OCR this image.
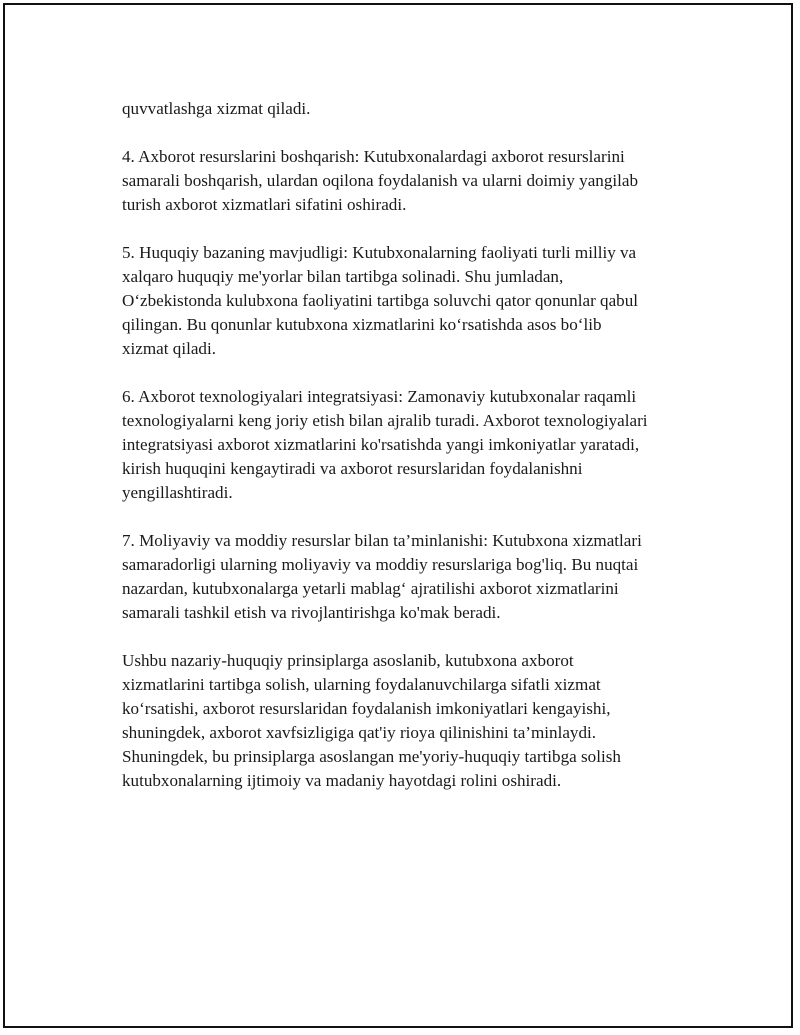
quvvatlashga xizmat qiladi.

4. Axborot resurslarini boshqarish: Kutubxonalardagi axborot resurslarini
samarali boshqarish, ulardan oqilona foydalanish va ularni doimiy yangilab
turish axborot xizmatlari sifatini oshiradi.

5. Huquqiy bazaning mavjudligi: Kutubxonalarning faoliyati turli milliy va
xalqaro huquqiy me'yorlar bilan tartibga solinadi. Shu jumladan,
O‘zbekistonda kulubxona faoliyatini tartibga soluvchi qator qonunlar qabul
qilingan. Bu qonunlar kutubxona xizmatlarini ko‘rsatishda asos bo‘lib
xizmat qiladi.

6. Axborot texnologiyalari integratsiyasi: Zamonaviy kutubxonalar raqamli
texnologiyalarni keng joriy etish bilan ajralib turadi. Axborot texnologiyalari
integratsiyasi axborot xizmatlarini ko'rsatishda yangi imkoniyatlar yaratadi,
kirish huquqini kengaytiradi va axborot resurslaridan foydalanishni
yengillashtiradi.

7. Moliyaviy va moddiy resurslar bilan ta’minlanishi: Kutubxona xizmatlari
samaradorligi ularning moliyaviy va moddiy resurslariga bog'liq. Bu nuqtai
nazardan, kutubxonalarga yetarli mablag‘ ajratilishi axborot xizmatlarini
samarali tashkil etish va rivojlantirishga ko'mak beradi.

Ushbu nazariy-huquqiy prinsiplarga asoslanib, kutubxona axborot
xizmatlarini tartibga solish, ularning foydalanuvchilarga sifatli xizmat
ko‘rsatishi, axborot resurslaridan foydalanish imkoniyatlari kengayishi,
shuningdek, axborot xavfsizligiga qat'iy rioya qilinishini ta’minlaydi.
Shuningdek, bu prinsiplarga asoslangan me'yoriy-huquqiy tartibga solish
kutubxonalarning ijtimoiy va madaniy hayotdagi rolini oshiradi.
